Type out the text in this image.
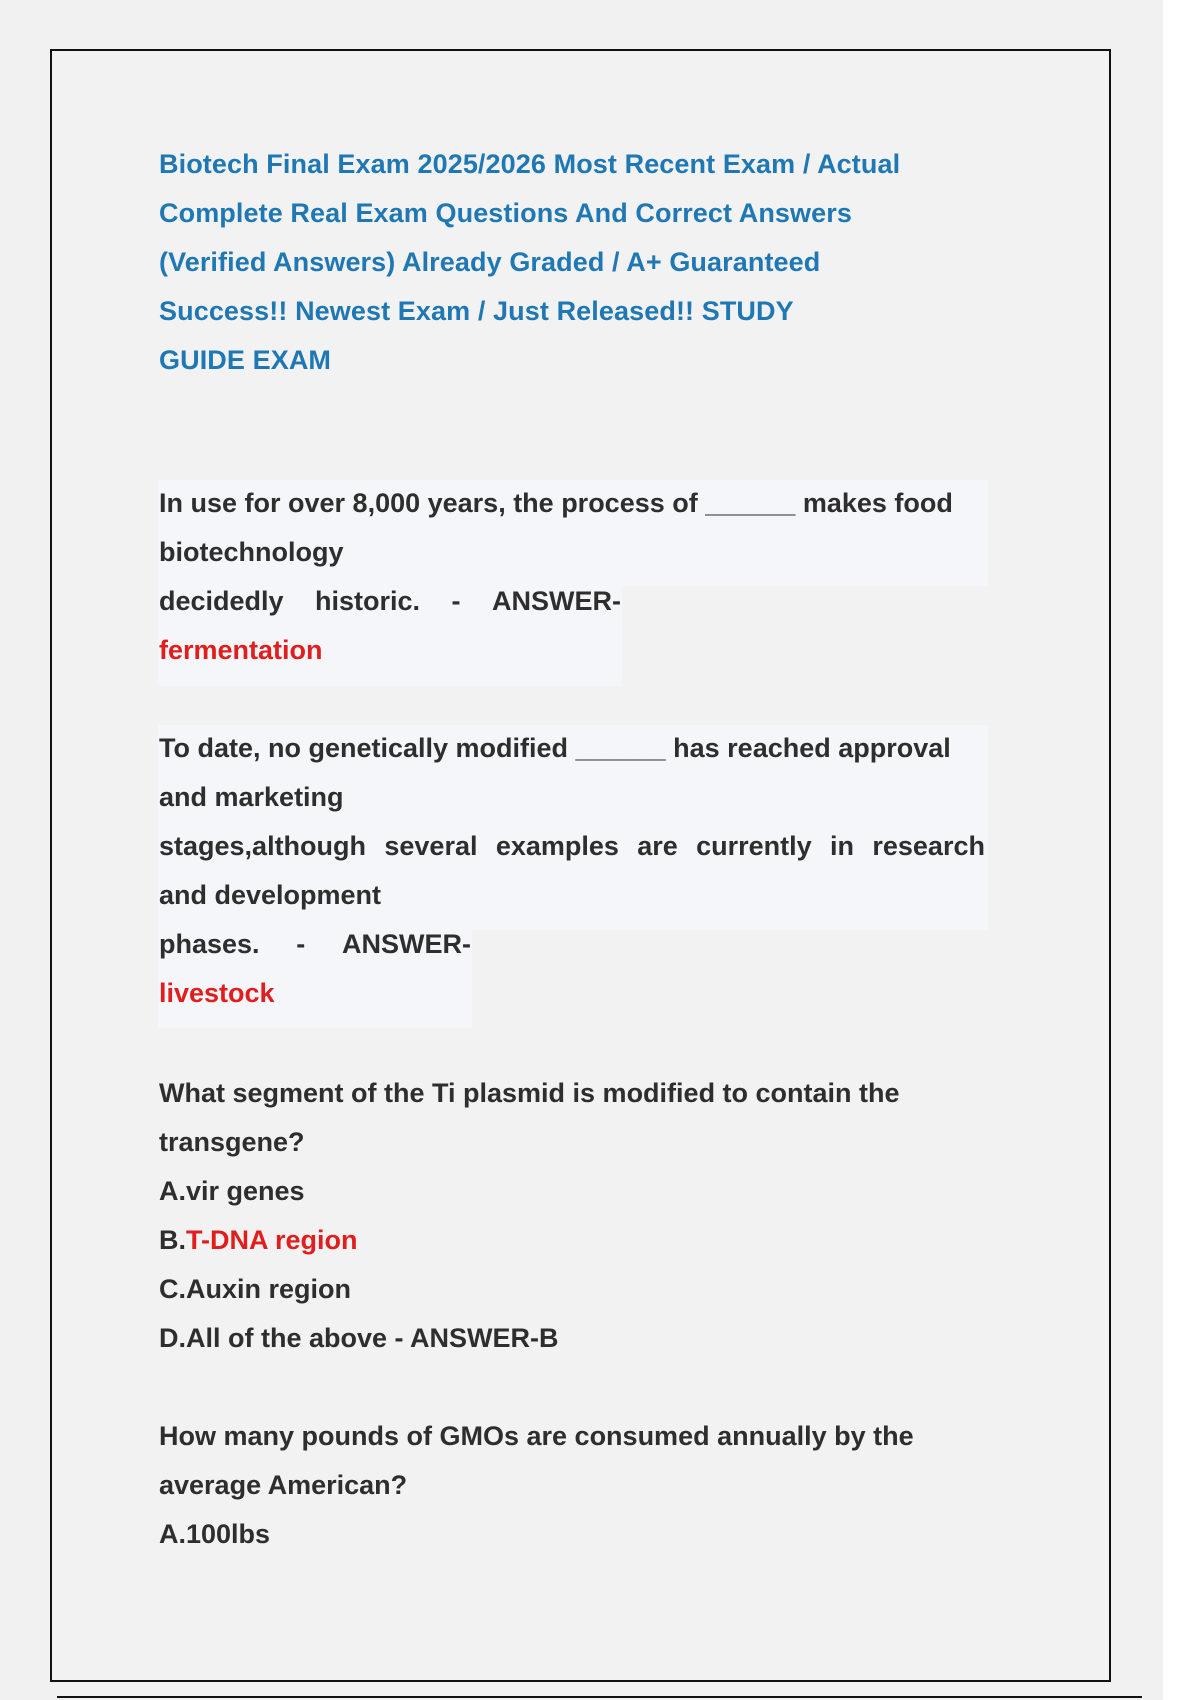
Biotech Final Exam 2025/2026 Most Recent Exam / Actual
Complete Real Exam Questions And Correct Answers
(Verified Answers) Already Graded / A+ Guaranteed
Success!! Newest Exam / Just Released!! STUDY
GUIDE EXAM
In use for over 8,000 years, the process of ______ makes food
biotechnology
decidedly historic. - ANSWER-
fermentation
To date, no genetically modified ______ has reached approval
and marketing
stages,although several examples are currently in research
and development
phases. - ANSWER-
livestock
What segment of the Ti plasmid is modified to contain the
transgene?
A.vir genes
B.T-DNA region
C.Auxin region
D.All of the above - ANSWER-B
How many pounds of GMOs are consumed annually by the
average American?
A.100lbs
